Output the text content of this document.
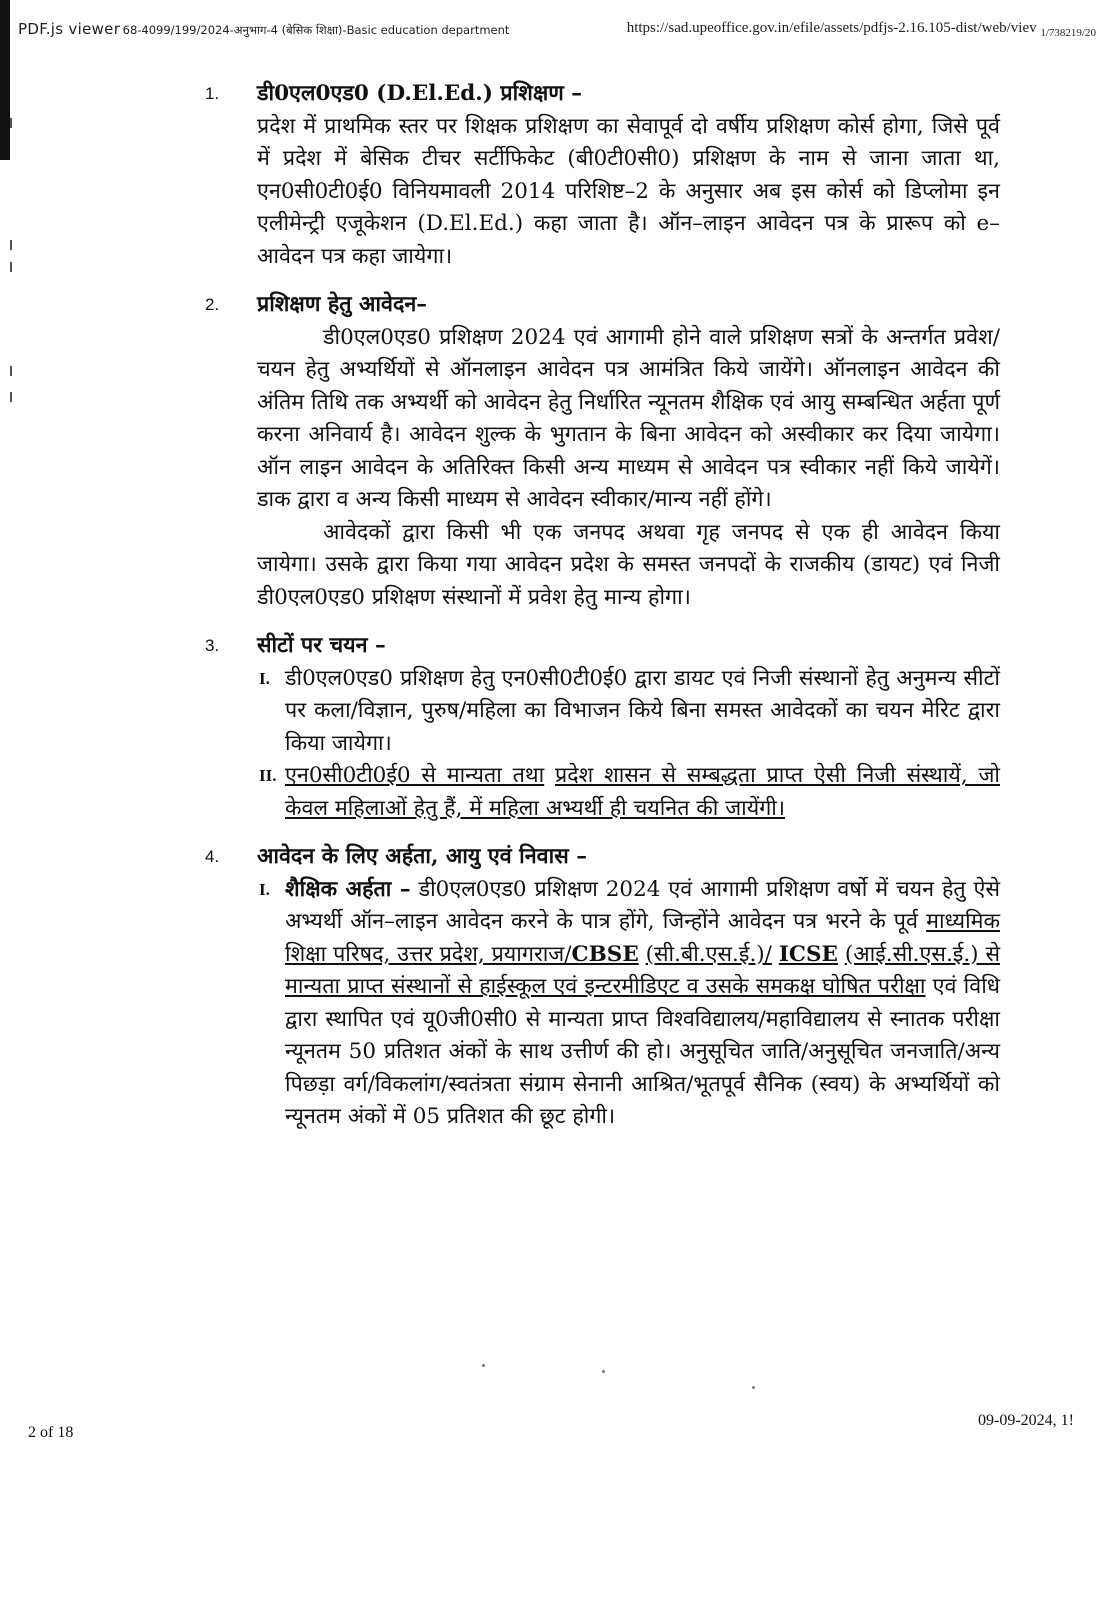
PDF.js viewer 68-4099/199/2024-अनुभाग-4 (बेसिक शिक्षा)-Basic education department	https://sad.upeoffice.gov.in/efile/assets/pdfjs-2.16.105-dist/web/viev $_{1/738219/20}$
1. डी0एल0एड0 (D.El.Ed.) प्रशिक्षण –
प्रदेश में प्राथमिक स्तर पर शिक्षक प्रशिक्षण का सेवापूर्व दो वर्षीय प्रशिक्षण कोर्स होगा, जिसे पूर्व में प्रदेश में बेसिक टीचर सर्टीफिकेट (बी0टी0सी0) प्रशिक्षण के नाम से जाना जाता था, एन0सी0टी0ई0 विनियमावली 2014 परिशिष्ट–2 के अनुसार अब इस कोर्स को डिप्लोमा इन एलीमेन्ट्री एजूकेशन (D.El.Ed.) कहा जाता है। ऑन–लाइन आवेदन पत्र के प्रारूप को e–आवेदन पत्र कहा जायेगा।
2. प्रशिक्षण हेतु आवेदन–
डी0एल0एड0 प्रशिक्षण 2024 एवं आगामी होने वाले प्रशिक्षण सत्रों के अन्तर्गत प्रवेश/चयन हेतु अभ्यर्थियों से ऑनलाइन आवेदन पत्र आमंत्रित किये जायेंगे। ऑनलाइन आवेदन की अंतिम तिथि तक अभ्यर्थी को आवेदन हेतु निर्धारित न्यूनतम शैक्षिक एवं आयु सम्बन्धित अर्हता पूर्ण करना अनिवार्य है। आवेदन शुल्क के भुगतान के बिना आवेदन को अस्वीकार कर दिया जायेगा। ऑन लाइन आवेदन के अतिरिक्त किसी अन्य माध्यम से आवेदन पत्र स्वीकार नहीं किये जायेगें। डाक द्वारा व अन्य किसी माध्यम से आवेदन स्वीकार/मान्य नहीं होंगे।
आवेदकों द्वारा किसी भी एक जनपद अथवा गृह जनपद से एक ही आवेदन किया जायेगा। उसके द्वारा किया गया आवेदन प्रदेश के समस्त जनपदों के राजकीय (डायट) एवं निजी डी0एल0एड0 प्रशिक्षण संस्थानों में प्रवेश हेतु मान्य होगा।
3. सीटों पर चयन –
I. डी0एल0एड0 प्रशिक्षण हेतु एन0सी0टी0ई0 द्वारा डायट एवं निजी संस्थानों हेतु अनुमन्य सीटों पर कला/विज्ञान, पुरुष/महिला का विभाजन किये बिना समस्त आवेदकों का चयन मेरिट द्वारा किया जायेगा।
II. एन0सी0टी0ई0 से मान्यता तथा प्रदेश शासन से सम्बद्धता प्राप्त ऐसी निजी संस्थायें, जो केवल महिलाओं हेतु हैं, में महिला अभ्यर्थी ही चयनित की जायेंगी।
4. आवेदन के लिए अर्हता, आयु एवं निवास –
I. शैक्षिक अर्हता – डी0एल0एड0 प्रशिक्षण 2024 एवं आगामी प्रशिक्षण वर्षो में चयन हेतु ऐसे अभ्यर्थी ऑन–लाइन आवेदन करने के पात्र होंगे, जिन्होंने आवेदन पत्र भरने के पूर्व माध्यमिक शिक्षा परिषद, उत्तर प्रदेश, प्रयागराज/CBSE (सी.बी.एस.ई.)/ ICSE (आई.सी.एस.ई.) से मान्यता प्राप्त संस्थानों से हाईस्कूल एवं इन्टरमीडिएट व उसके समकक्ष घोषित परीक्षा एवं विधि द्वारा स्थापित एवं यू0जी0सी0 से मान्यता प्राप्त विश्वविद्यालय/महाविद्यालय से स्नातक परीक्षा न्यूनतम 50 प्रतिशत अंकों के साथ उत्तीर्ण की हो। अनुसूचित जाति/अनुसूचित जनजाति/अन्य पिछड़ा वर्ग/विकलांग/स्वतंत्रता संग्राम सेनानी आश्रित/भूतपूर्व सैनिक (स्वय) के अभ्यर्थियों को न्यूनतम अंकों में 05 प्रतिशत की छूट होगी।
2 of 18
09-09-2024, 1!
